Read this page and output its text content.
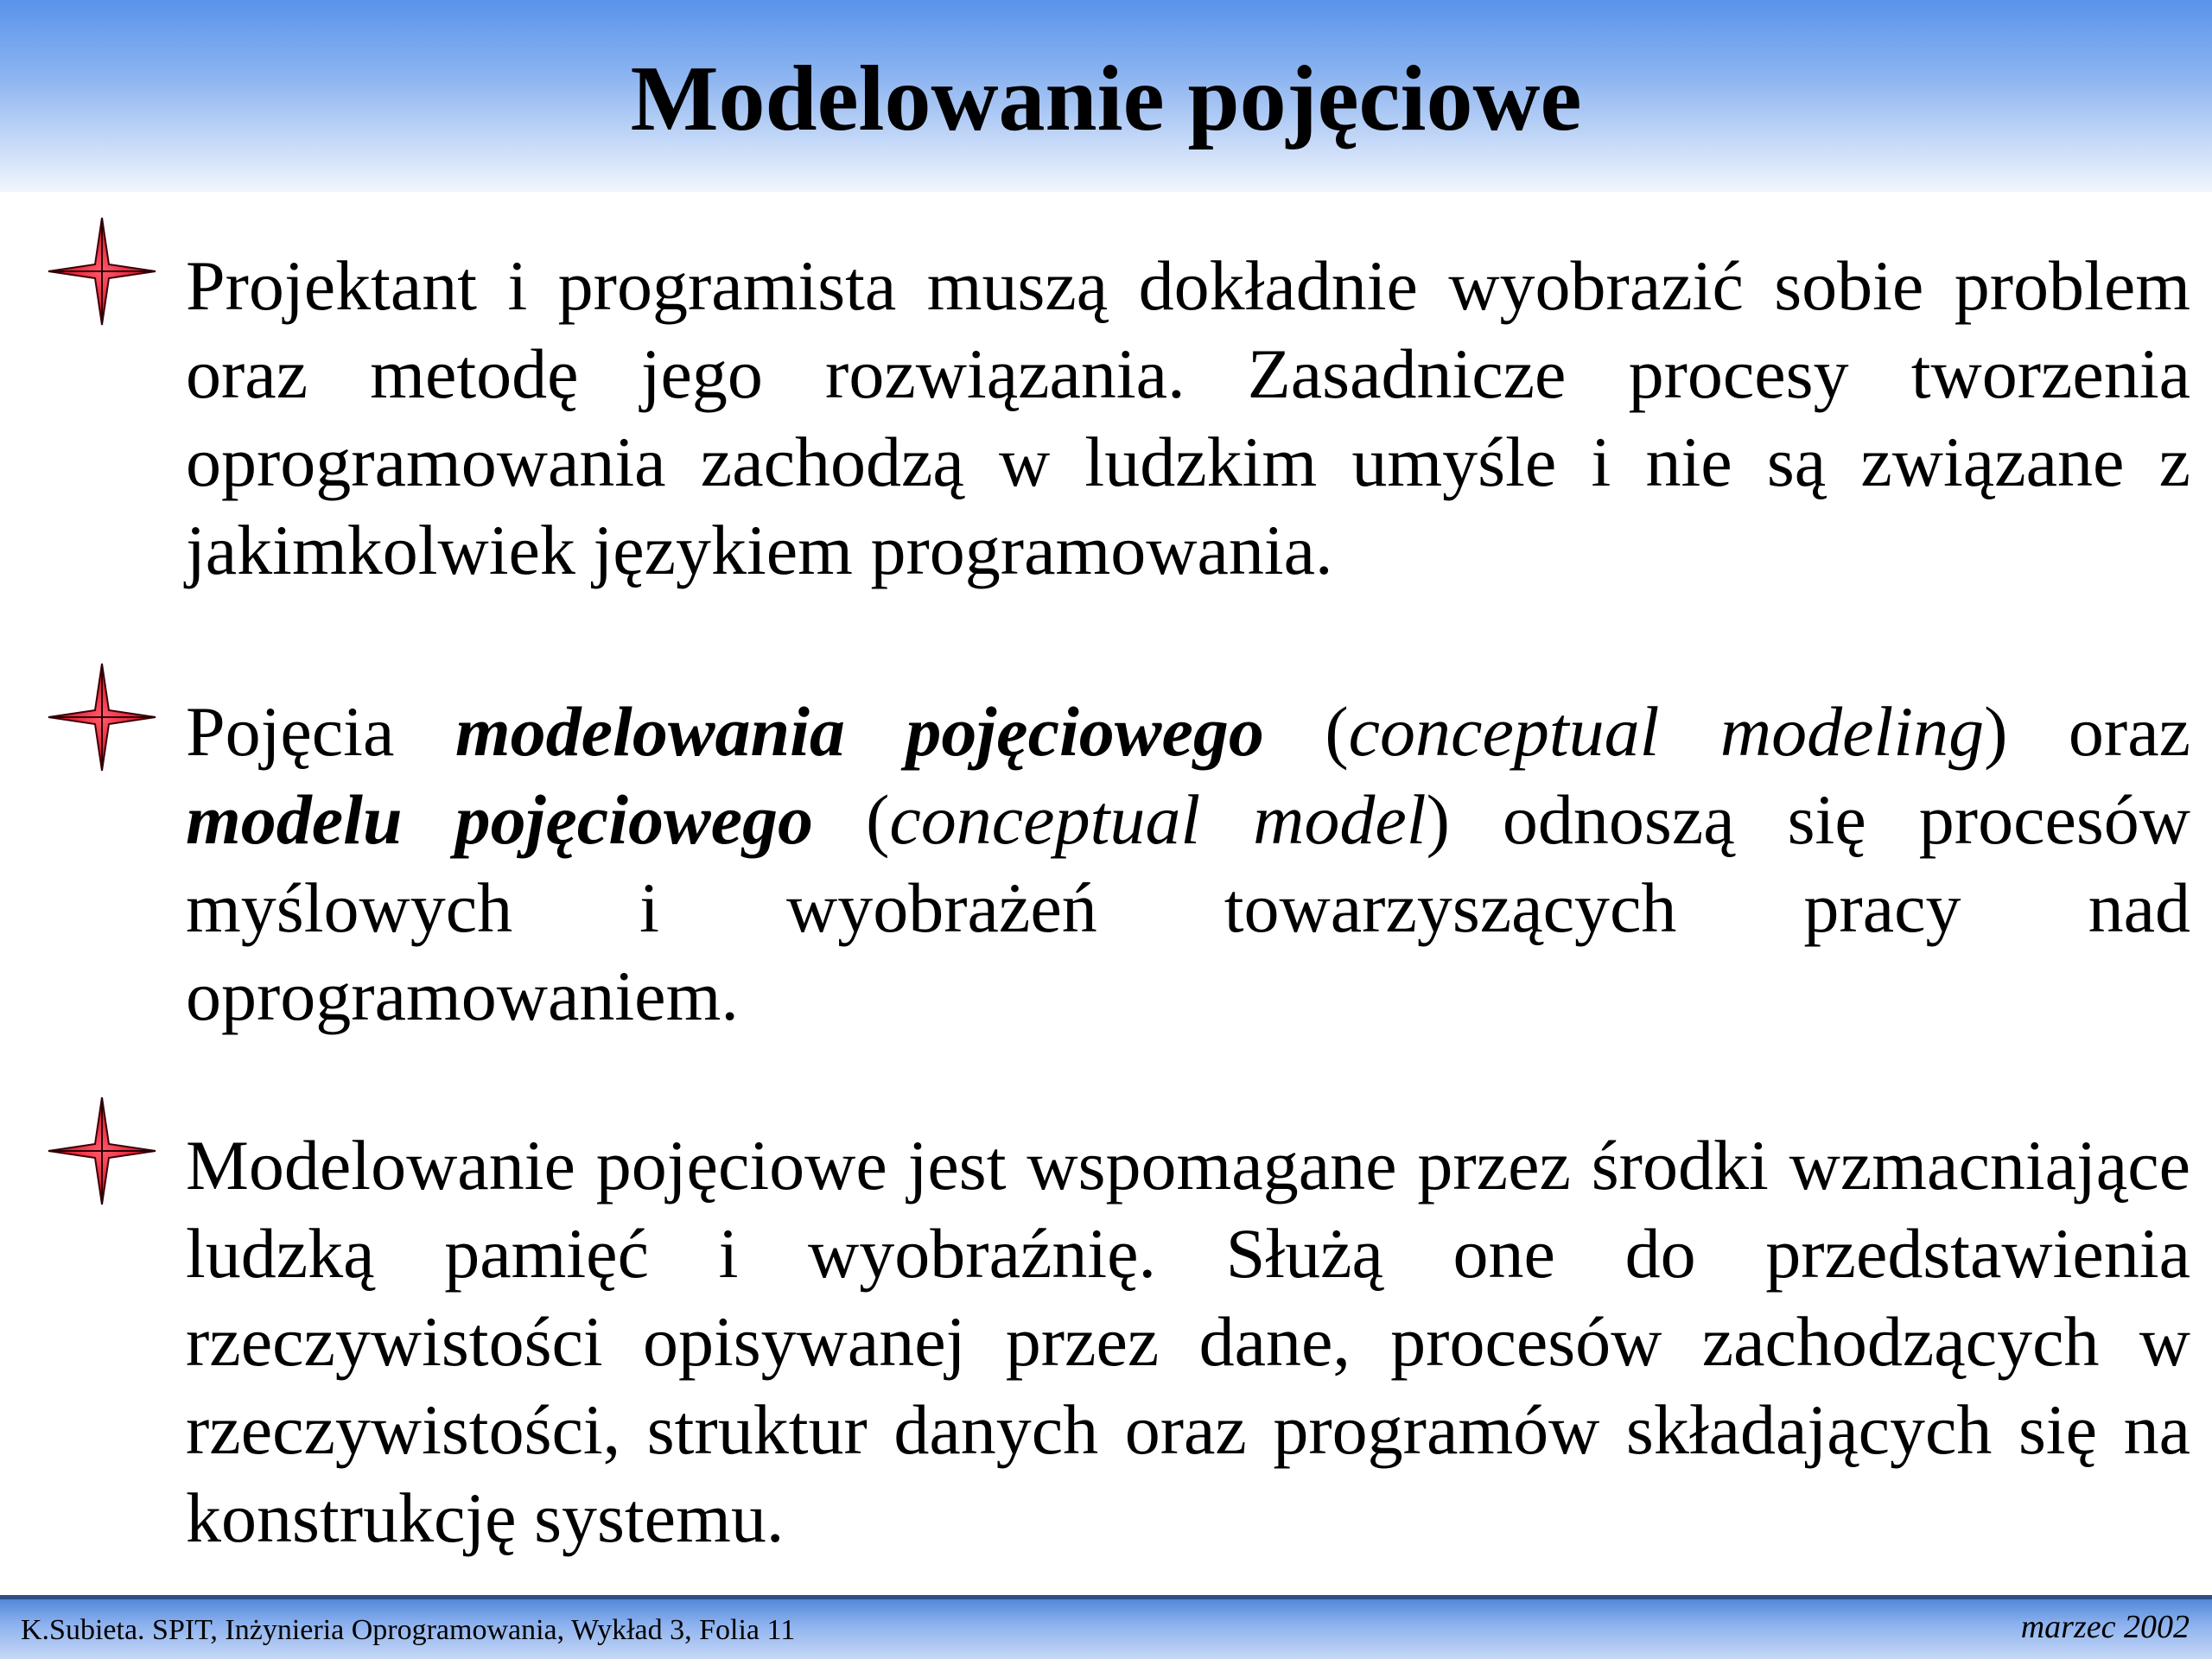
Modelowanie pojęciowe

Projektant i programista muszą dokładnie wyobrazić sobie problem oraz metodę jego rozwiązania. Zasadnicze procesy tworzenia oprogramowania zachodzą w ludzkim umyśle i nie są związane z jakimkolwiek językiem programowania.

Pojęcia modelowania pojęciowego (conceptual modeling) oraz modelu pojęciowego (conceptual model) odnoszą się procesów myślowych i wyobrażeń towarzyszących pracy nad oprogramowaniem.

Modelowanie pojęciowe jest wspomagane przez środki wzmacniające ludzką pamięć i wyobraźnię. Służą one do przedstawienia rzeczywistości opisywanej przez dane, procesów zachodzących w rzeczywistości, struktur danych oraz programów składających się na konstrukcję systemu.

K.Subieta. SPIT, Inżynieria Oprogramowania, Wykład 3, Folia 11	marzec 2002
